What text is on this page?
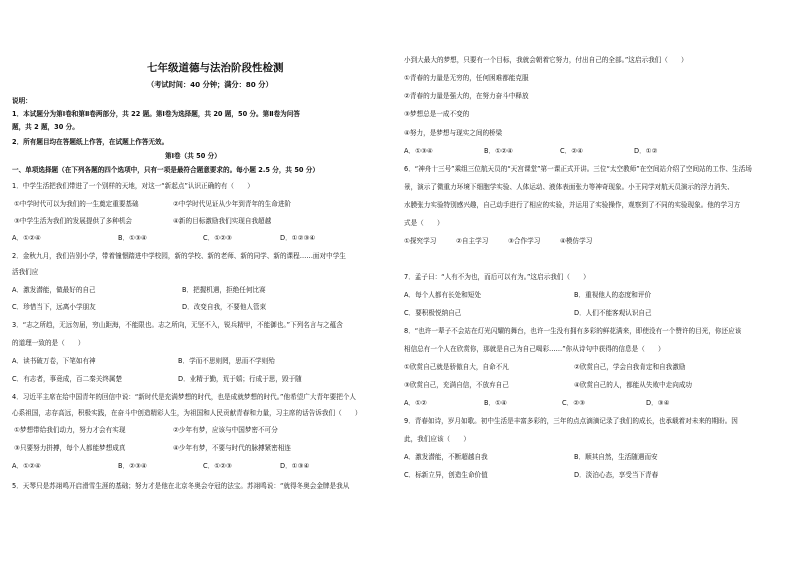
七年级道德与法治阶段性检测
（考试时间：40 分钟；满分：80 分）
说明：
1．本试题分为第Ⅰ卷和第Ⅱ卷两部分，共 22 题。第Ⅰ卷为选择题，共 20 题，50 分。第Ⅱ卷为问答
题，共 2 题，30 分。
2．所有题目均在答题纸上作答，在试题上作答无效。
第Ⅰ卷（共 50 分）
一、单项选择题（在下列各题的四个选项中，只有一项是最符合题意要求的。每小题 2.5 分，共 50 分）
1．中学生活把我们带进了一个别样的天地，对这一“新起点”认识正确的有（　　）
①中学时代可以为我们的一生奠定重要基础	②中学时代见证从少年到青年的生命进阶
③中学生活为我们的发展提供了多种机会	④新的目标激励我们实现自我超越
A．①②④	B．①③④	C．①②③	D．①②③④
2．金秋九月，我们告别小学，带着憧憬踏进中学校园，新的学校、新的老师、新的同学、新的课程……面对中学生
活我们应
A．激发潜能，做最好的自己	B．把握机遇，拒绝任何比赛
C．珍惜当下，远离小学朋友	D．改变自我，不要他人管束
3．“志之所趋，无远勿届，穷山距海，不能限也。志之所向，无坚不入，锐兵精甲，不能御也。”下列名言与之蕴含
的道理一致的是（　　）
A．读书破万卷，下笔如有神	B．学而不思则罔，思而不学则殆
C．有志者，事竟成，百二秦关终属楚	D．业精于勤，荒于嬉；行成于思，毁于随
4．习近平主席在给中国青年的回信中说：“新时代是充满梦想的时代，也是成就梦想的时代。”他希望广大青年要把个人
心系祖国，志存高远，积极实践，在奋斗中创造精彩人生，为祖国和人民贡献青春和力量，习主席的话告诉我们（　　）
①梦想带给我们动力，努力才会有实现	②少年有梦，应该与中国梦密不可分
③只要努力拼搏，每个人都能梦想成真	④少年有梦，不要与时代的脉搏紧密相连
A．①②④	B．②③④	C．①②③	D．①③④
5．天琴只是苏翊鸣开启滑雪生涯的基础；努力才是他在北京冬奥会夺冠的法宝。苏翊鸣说：“就得冬奥会金牌是我从
小到大最大的梦想，只要有一个目标，我就会朝着它努力，付出自己的全部。”这启示我们（　　）
①青春的力量是无穷的，任何困难都能克服
②青春的力量是强大的，在努力奋斗中释放
③梦想总是一成不变的
④努力，是梦想与现实之间的桥梁
A．①③④	B．①②④	C．②④	D．①②
6．“神舟十三号”乘组三位航天员的“天宫课堂”第一课正式开讲。三位“太空教师”在空间站介绍了空间站的工作、生活场
景，演示了微重力环境下细胞学实验、人体运动、液体表面张力等神奇现象。小王同学对航天员演示的浮力消失、
水膜张力实验特别感兴趣，自己动手进行了相应的实验，并运用了实验操作，观察到了不同的实验现象。他的学习方
式是（　　）
①探究学习	②自主学习	③合作学习	④模仿学习
7．孟子曰：“人有不为也，而后可以有为。”这启示我们（　　）
A．每个人都有长处和短处	B．重视他人的态度和评价
C．要积极悦纳自己	D．人们不能客观认识自己
8．“也许一辈子不会站在灯光闪耀的舞台，也许一生没有拥有多彩的鲜花满来，即使没有一个赞许的目光，你还应该
相信总有一个人在欣赏你，那就是自己为自己喝彩……”你从诗句中获得的信息是（　　）
①欣赏自己就是骄傲自大，自命不凡	②欣赏自己，学会自我肯定和自我激励
③欣赏自己，充满自信，不放弃自己	④欣赏自己的人，都能从失败中走向成功
A．①②	B．①④	C．②③	D．③④
9．青春如诗，岁月如歌。初中生活是丰富多彩的，三年的点点滴滴记录了我们的成长，也承载着对未来的期盼。因
此，我们应该（　　）
A．激发潜能，不断超越自我	B．顺其自然，生活随遇而安
C．标新立异，创造生命价值	D．淡泊心态，享受当下青春
